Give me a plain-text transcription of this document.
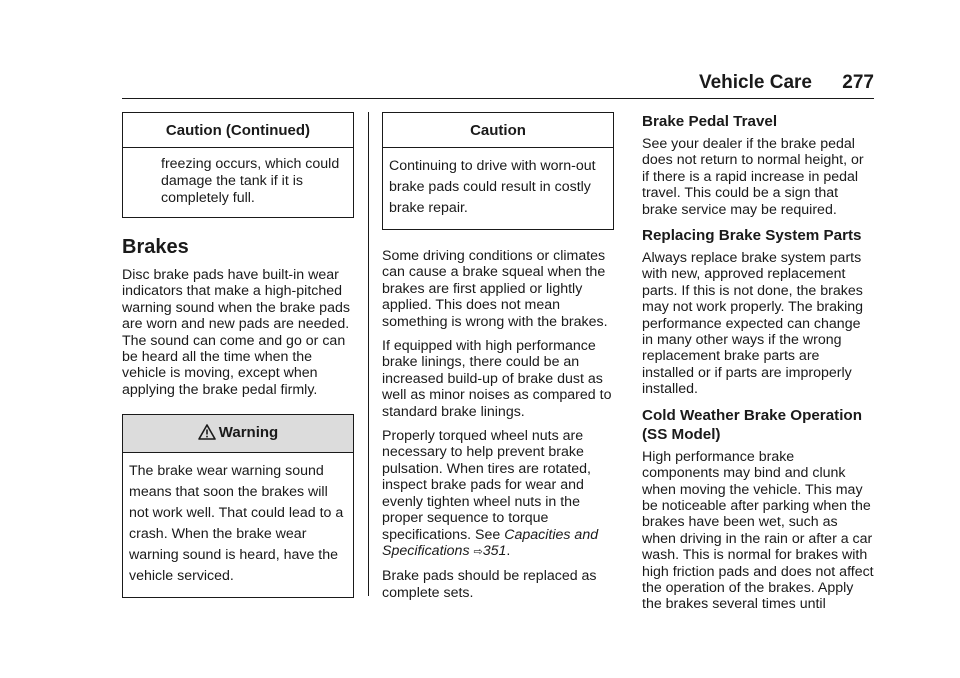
Vehicle Care 277
Caution (Continued)
freezing occurs, which could damage the tank if it is completely full.
Brakes

Disc brake pads have built-in wear indicators that make a high-pitched warning sound when the brake pads are worn and new pads are needed. The sound can come and go or can be heard all the time when the vehicle is moving, except when applying the brake pedal firmly.

Warning
The brake wear warning sound means that soon the brakes will not work well. That could lead to a crash. When the brake wear warning sound is heard, have the vehicle serviced.
Caution
Continuing to drive with worn-out brake pads could result in costly brake repair.

Some driving conditions or climates can cause a brake squeal when the brakes are first applied or lightly applied. This does not mean something is wrong with the brakes.

If equipped with high performance brake linings, there could be an increased build-up of brake dust as well as minor noises as compared to standard brake linings.

Properly torqued wheel nuts are necessary to help prevent brake pulsation. When tires are rotated, inspect brake pads for wear and evenly tighten wheel nuts in the proper sequence to torque specifications. See Capacities and Specifications ⇨351.

Brake pads should be replaced as complete sets.

Brake Pedal Travel

See your dealer if the brake pedal does not return to normal height, or if there is a rapid increase in pedal travel. This could be a sign that brake service may be required.

Replacing Brake System Parts

Always replace brake system parts with new, approved replacement parts. If this is not done, the brakes may not work properly. The braking performance expected can change in many other ways if the wrong replacement brake parts are installed or if parts are improperly installed.

Cold Weather Brake Operation (SS Model)

High performance brake components may bind and clunk when moving the vehicle. This may be noticeable after parking when the brakes have been wet, such as when driving in the rain or after a car wash. This is normal for brakes with high friction pads and does not affect the operation of the brakes. Apply the brakes several times until
